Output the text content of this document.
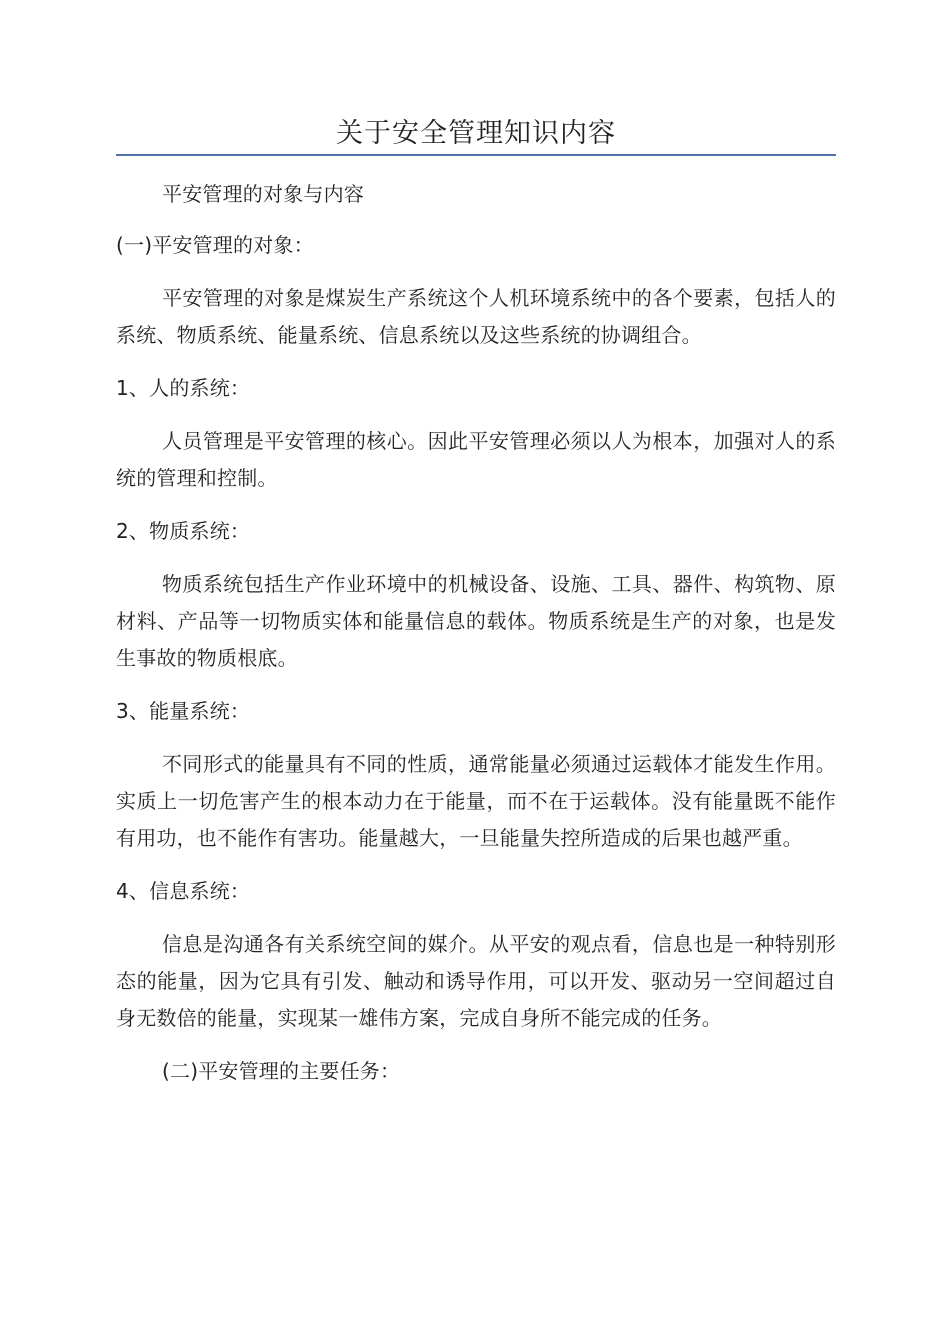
关于安全管理知识内容

平安管理的对象与内容

(一)平安管理的对象：

平安管理的对象是煤炭生产系统这个人机环境系统中的各个要素，包括人的系统、物质系统、能量系统、信息系统以及这些系统的协调组合。

1、人的系统：

人员管理是平安管理的核心。因此平安管理必须以人为根本，加强对人的系统的管理和控制。

2、物质系统：

物质系统包括生产作业环境中的机械设备、设施、工具、器件、构筑物、原材料、产品等一切物质实体和能量信息的载体。物质系统是生产的对象，也是发生事故的物质根底。

3、能量系统：

不同形式的能量具有不同的性质，通常能量必须通过运载体才能发生作用。实质上一切危害产生的根本动力在于能量，而不在于运载体。没有能量既不能作有用功，也不能作有害功。能量越大，一旦能量失控所造成的后果也越严重。

4、信息系统：

信息是沟通各有关系统空间的媒介。从平安的观点看，信息也是一种特别形态的能量，因为它具有引发、触动和诱导作用，可以开发、驱动另一空间超过自身无数倍的能量，实现某一雄伟方案，完成自身所不能完成的任务。

(二)平安管理的主要任务：
